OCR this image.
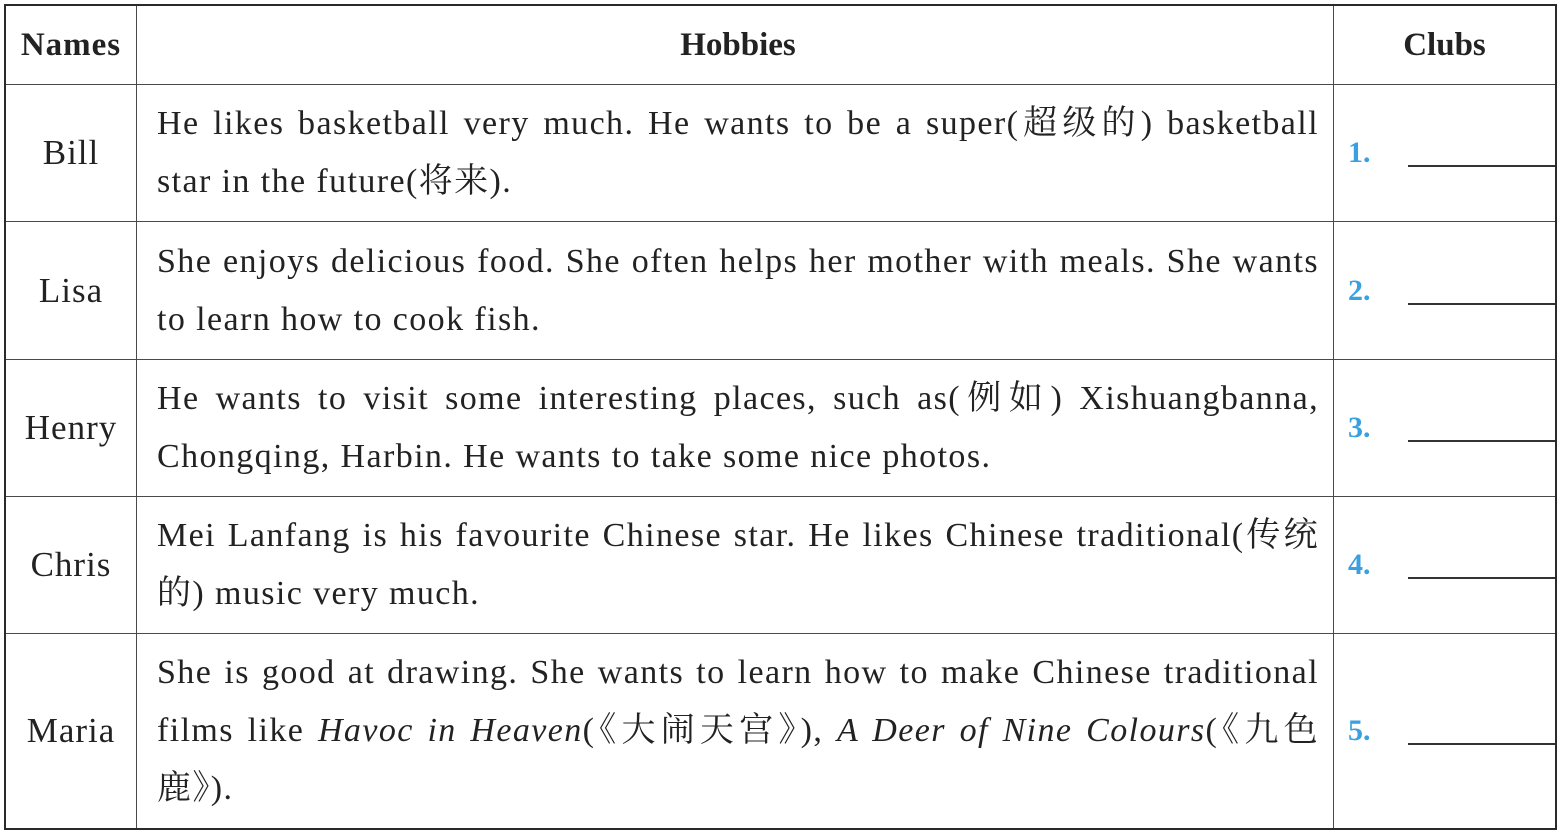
Names	Hobbies	Clubs
Bill
He likes basketball very much. He wants to be a super(超级的) basketball star in the future(将来).
1.
Lisa
She enjoys delicious food. She often helps her mother with meals. She wants to learn how to cook fish.
2.
Henry
He wants to visit some interesting places, such as(例如) Xishuangbanna, Chongqing, Harbin. He wants to take some nice photos.
3.
Chris
Mei Lanfang is his favourite Chinese star. He likes Chinese traditional(传统的) music very much.
4.
Maria
She is good at drawing. She wants to learn how to make Chinese traditional films like Havoc in Heaven(《大闹天宫》), A Deer of Nine Colours(《九色鹿》).
5.
